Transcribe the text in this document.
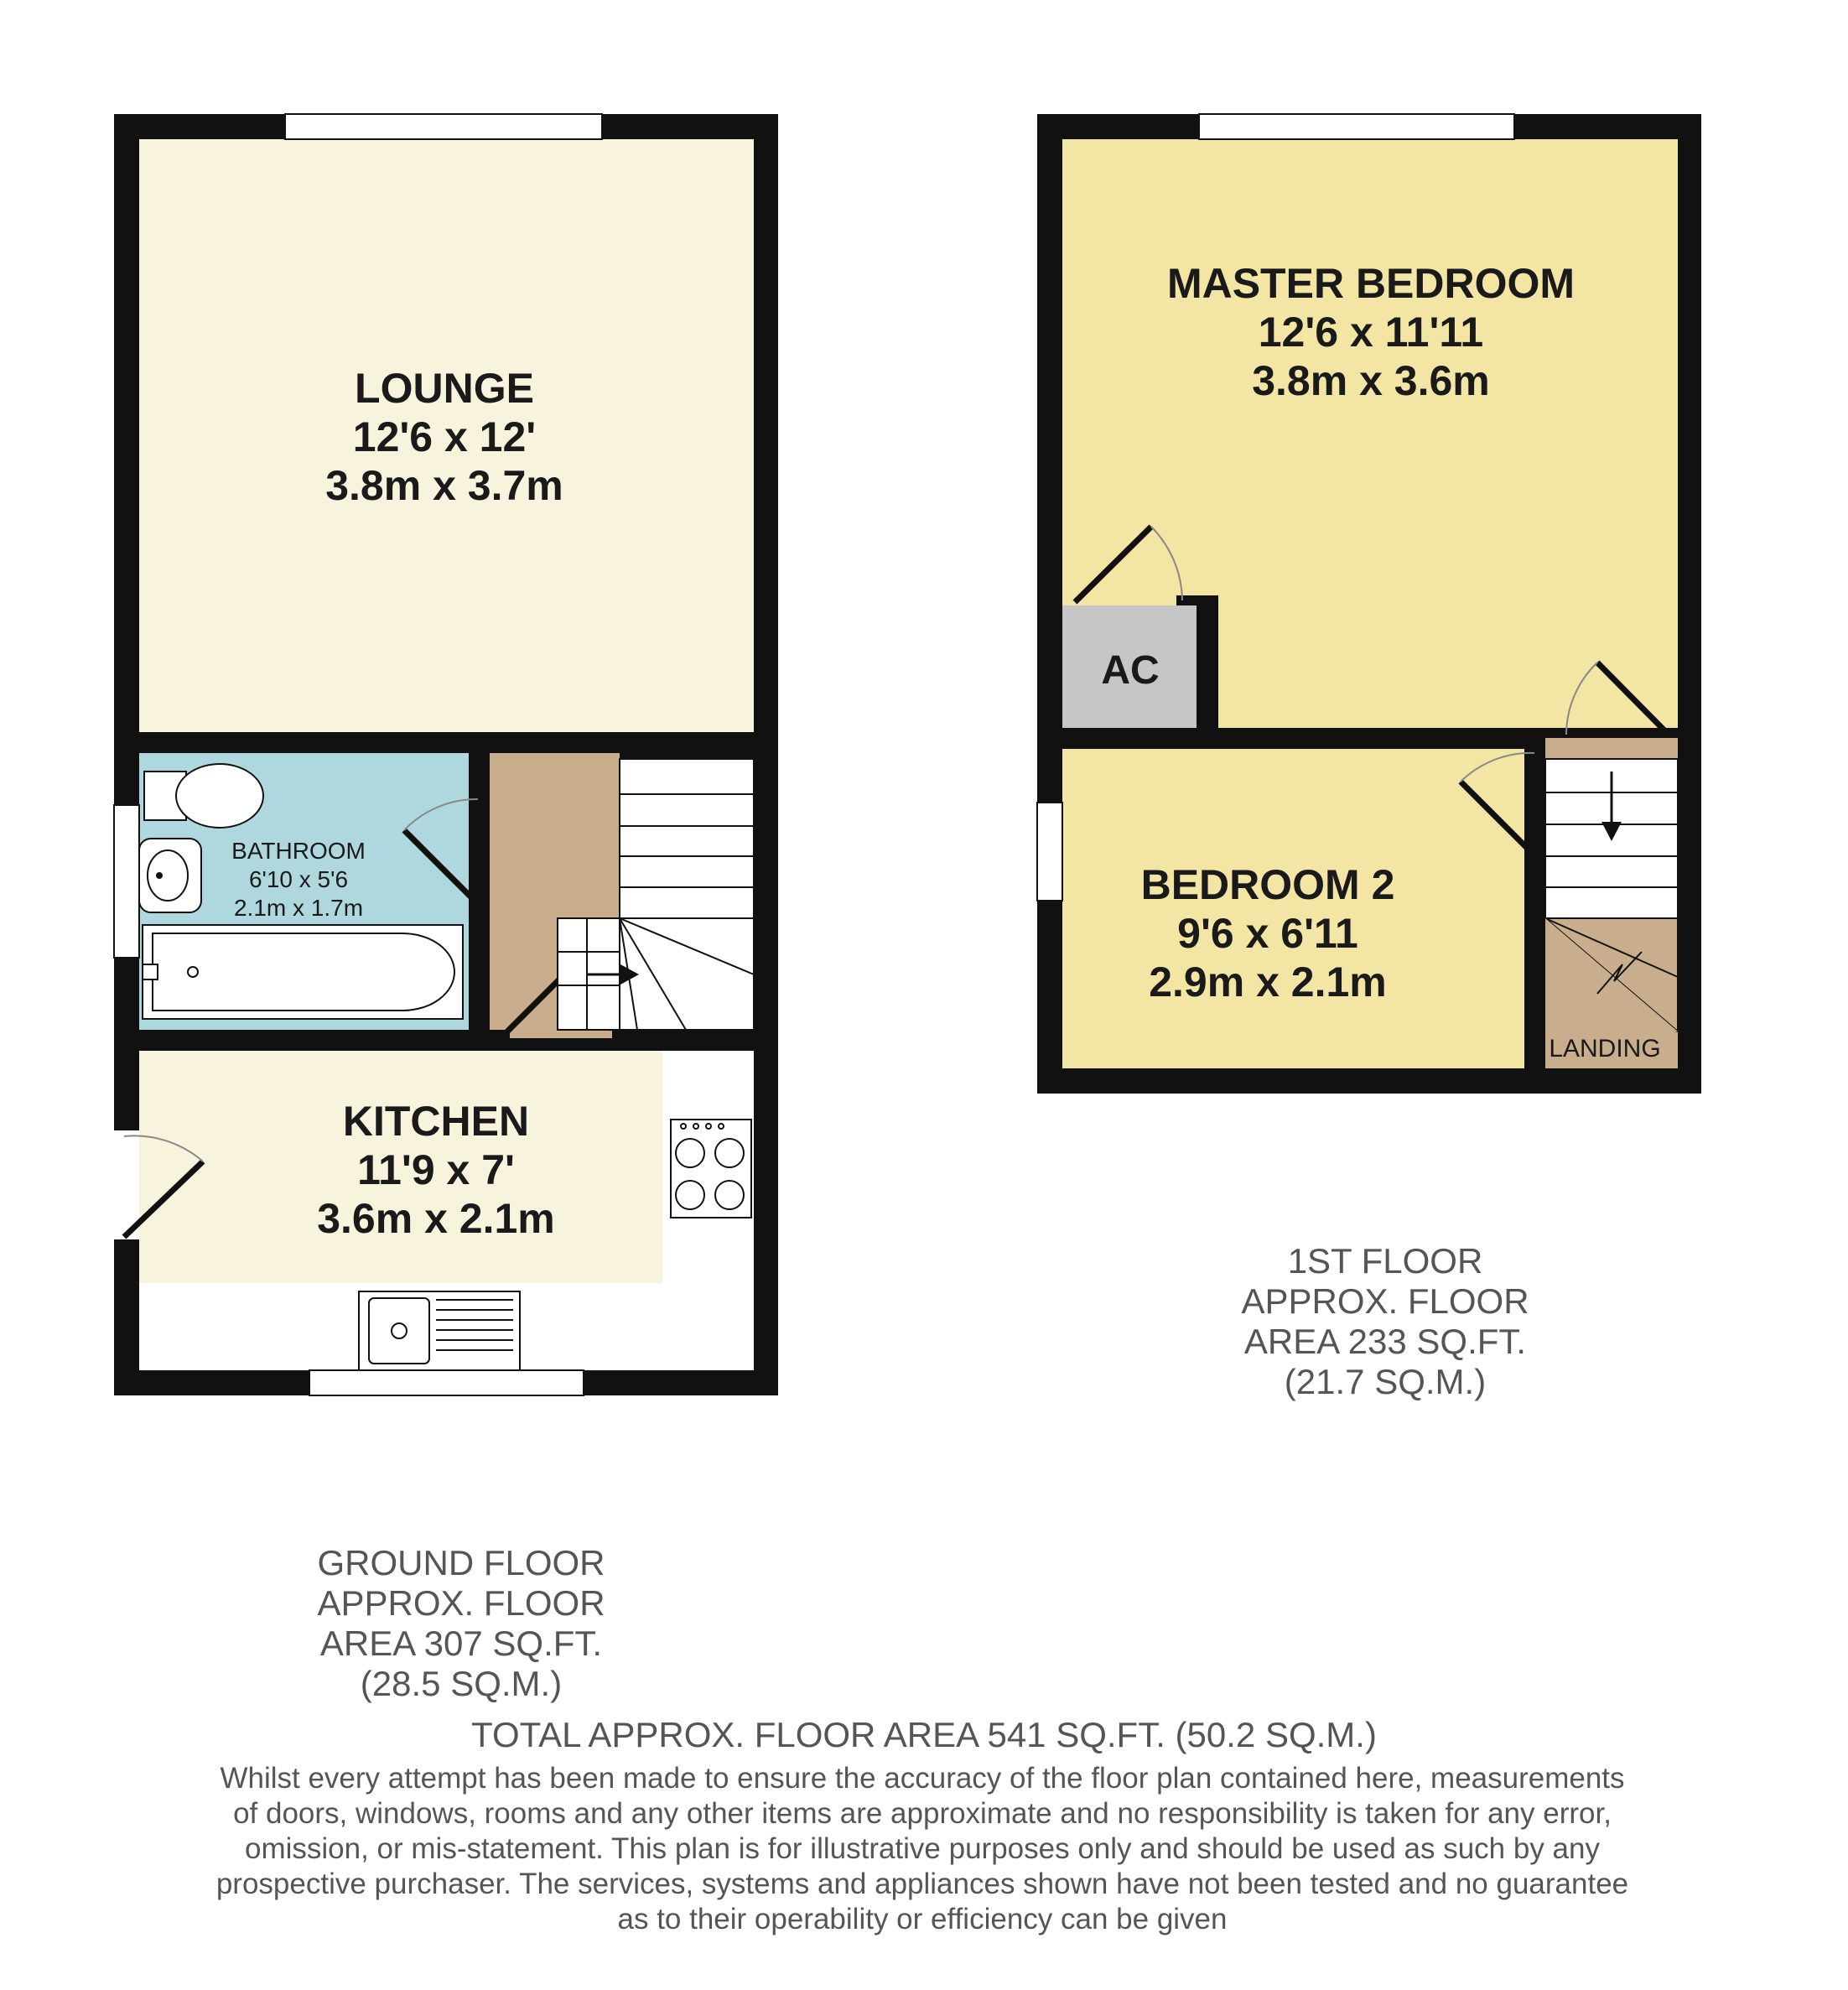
LOUNGE
12'6 x 12'
3.8m x 3.7m
BATHROOM
6'10 x 5'6
2.1m x 1.7m
KITCHEN
11'9 x 7'
3.6m x 2.1m
GROUND FLOOR
APPROX. FLOOR
AREA 307 SQ.FT.
(28.5 SQ.M.)
MASTER BEDROOM
12'6 x 11'11
3.8m x 3.6m
AC
BEDROOM 2
9'6 x 6'11
2.9m x 2.1m
LANDING
1ST FLOOR
APPROX. FLOOR
AREA 233 SQ.FT.
(21.7 SQ.M.)
TOTAL APPROX. FLOOR AREA 541 SQ.FT. (50.2 SQ.M.)
Whilst every attempt has been made to ensure the accuracy of the floor plan contained here, measurements of doors, windows, rooms and any other items are approximate and no responsibility is taken for any error, omission, or mis-statement. This plan is for illustrative purposes only and should be used as such by any prospective purchaser. The services, systems and appliances shown have not been tested and no guarantee as to their operability or efficiency can be given
